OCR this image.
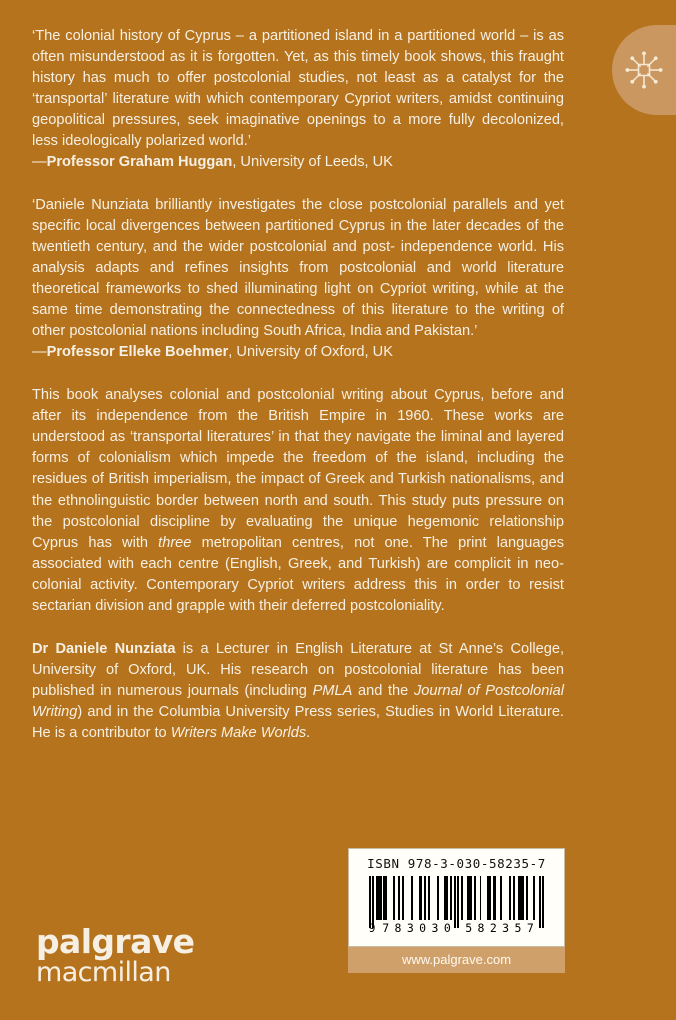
‘The colonial history of Cyprus – a partitioned island in a partitioned world – is as often misunderstood as it is forgotten. Yet, as this timely book shows, this fraught history has much to offer postcolonial studies, not least as a catalyst for the ‘transportal’ literature with which contemporary Cypriot writers, amidst continuing geopolitical pressures, seek imaginative openings to a more fully decolonized, less ideologically polarized world.’

—Professor Graham Huggan, University of Leeds, UK

‘Daniele Nunziata brilliantly investigates the close postcolonial parallels and yet specific local divergences between partitioned Cyprus in the later decades of the twentieth century, and the wider postcolonial and post- independence world. His analysis adapts and refines insights from postcolonial and world literature theoretical frameworks to shed illuminating light on Cypriot writing, while at the same time demonstrating the connectedness of this literature to the writing of other postcolonial nations including South Africa, India and Pakistan.’

—Professor Elleke Boehmer, University of Oxford, UK

This book analyses colonial and postcolonial writing about Cyprus, before and after its independence from the British Empire in 1960. These works are understood as ‘transportal literatures’ in that they navigate the liminal and layered forms of colonialism which impede the freedom of the island, including the residues of British imperialism, the impact of Greek and Turkish nationalisms, and the ethnolinguistic border between north and south. This study puts pressure on the postcolonial discipline by evaluating the unique hegemonic relationship Cyprus has with three metropolitan centres, not one. The print languages associated with each centre (English, Greek, and Turkish) are complicit in neo-colonial activity. Contemporary Cypriot writers address this in order to resist sectarian division and grapple with their deferred postcoloniality.

Dr Daniele Nunziata is a Lecturer in English Literature at St Anne’s College, University of Oxford, UK. His research on postcolonial literature has been published in numerous journals (including PMLA and the Journal of Postcolonial Writing) and in the Columbia University Press series, Studies in World Literature. He is a contributor to Writers Make Worlds.

palgrave
macmillan
ISBN 978-3-030-58235-7
9 7 8 3 0 3 0 5 8 2 3 5 7
www.palgrave.com
